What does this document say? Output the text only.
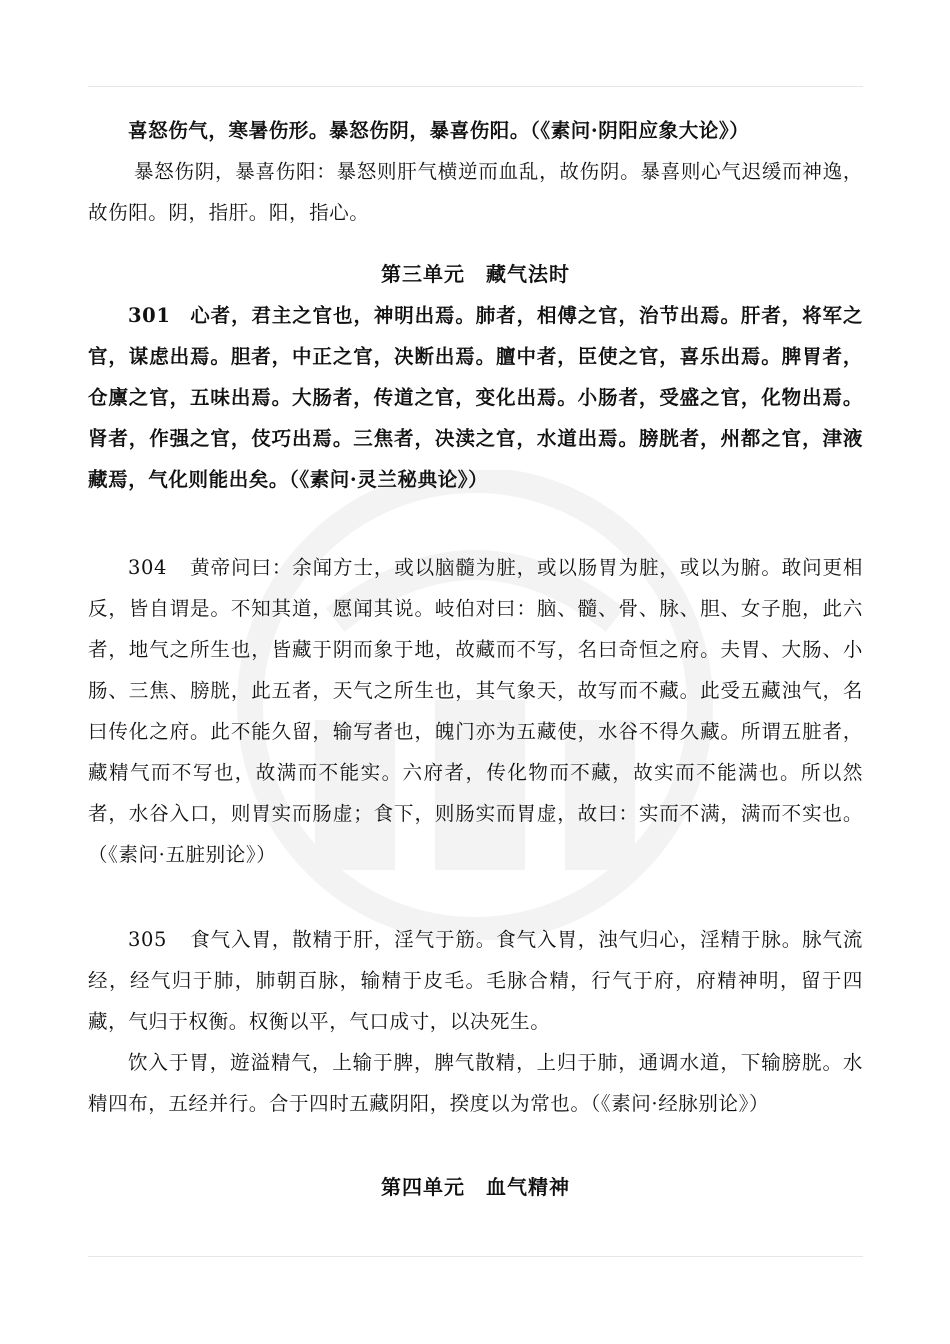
喜怒伤气，寒暑伤形。暴怒伤阴，暴喜伤阳。（《素问·阴阳应象大论》）

暴怒伤阴，暴喜伤阳：暴怒则肝气横逆而血乱，故伤阴。暴喜则心气迟缓而神逸，故伤阳。阴，指肝。阳，指心。

第三单元　藏气法时

301 心者，君主之官也，神明出焉。肺者，相傅之官，治节出焉。肝者，将军之官，谋虑出焉。胆者，中正之官，决断出焉。膻中者，臣使之官，喜乐出焉。脾胃者，仓廪之官，五味出焉。大肠者，传道之官，变化出焉。小肠者，受盛之官，化物出焉。肾者，作强之官，伎巧出焉。三焦者，决渎之官，水道出焉。膀胱者，州都之官，津液藏焉，气化则能出矣。（《素问·灵兰秘典论》）

304 黄帝问曰：余闻方士，或以脑髓为脏，或以肠胃为脏，或以为腑。敢问更相反，皆自谓是。不知其道，愿闻其说。岐伯对曰：脑、髓、骨、脉、胆、女子胞，此六者，地气之所生也，皆藏于阴而象于地，故藏而不写，名曰奇恒之府。夫胃、大肠、小肠、三焦、膀胱，此五者，天气之所生也，其气象天，故写而不藏。此受五藏浊气，名曰传化之府。此不能久留，输写者也，魄门亦为五藏使，水谷不得久藏。所谓五脏者，藏精气而不写也，故满而不能实。六府者，传化物而不藏，故实而不能满也。所以然者，水谷入口，则胃实而肠虚；食下，则肠实而胃虚，故曰：实而不满，满而不实也。（《素问·五脏别论》）

305 食气入胃，散精于肝，淫气于筋。食气入胃，浊气归心，淫精于脉。脉气流经，经气归于肺，肺朝百脉，输精于皮毛。毛脉合精，行气于府，府精神明，留于四藏，气归于权衡。权衡以平，气口成寸，以决死生。

饮入于胃，遊溢精气，上输于脾，脾气散精，上归于肺，通调水道，下输膀胱。水精四布，五经并行。合于四时五藏阴阳，揆度以为常也。（《素问·经脉别论》）

第四单元　血气精神
